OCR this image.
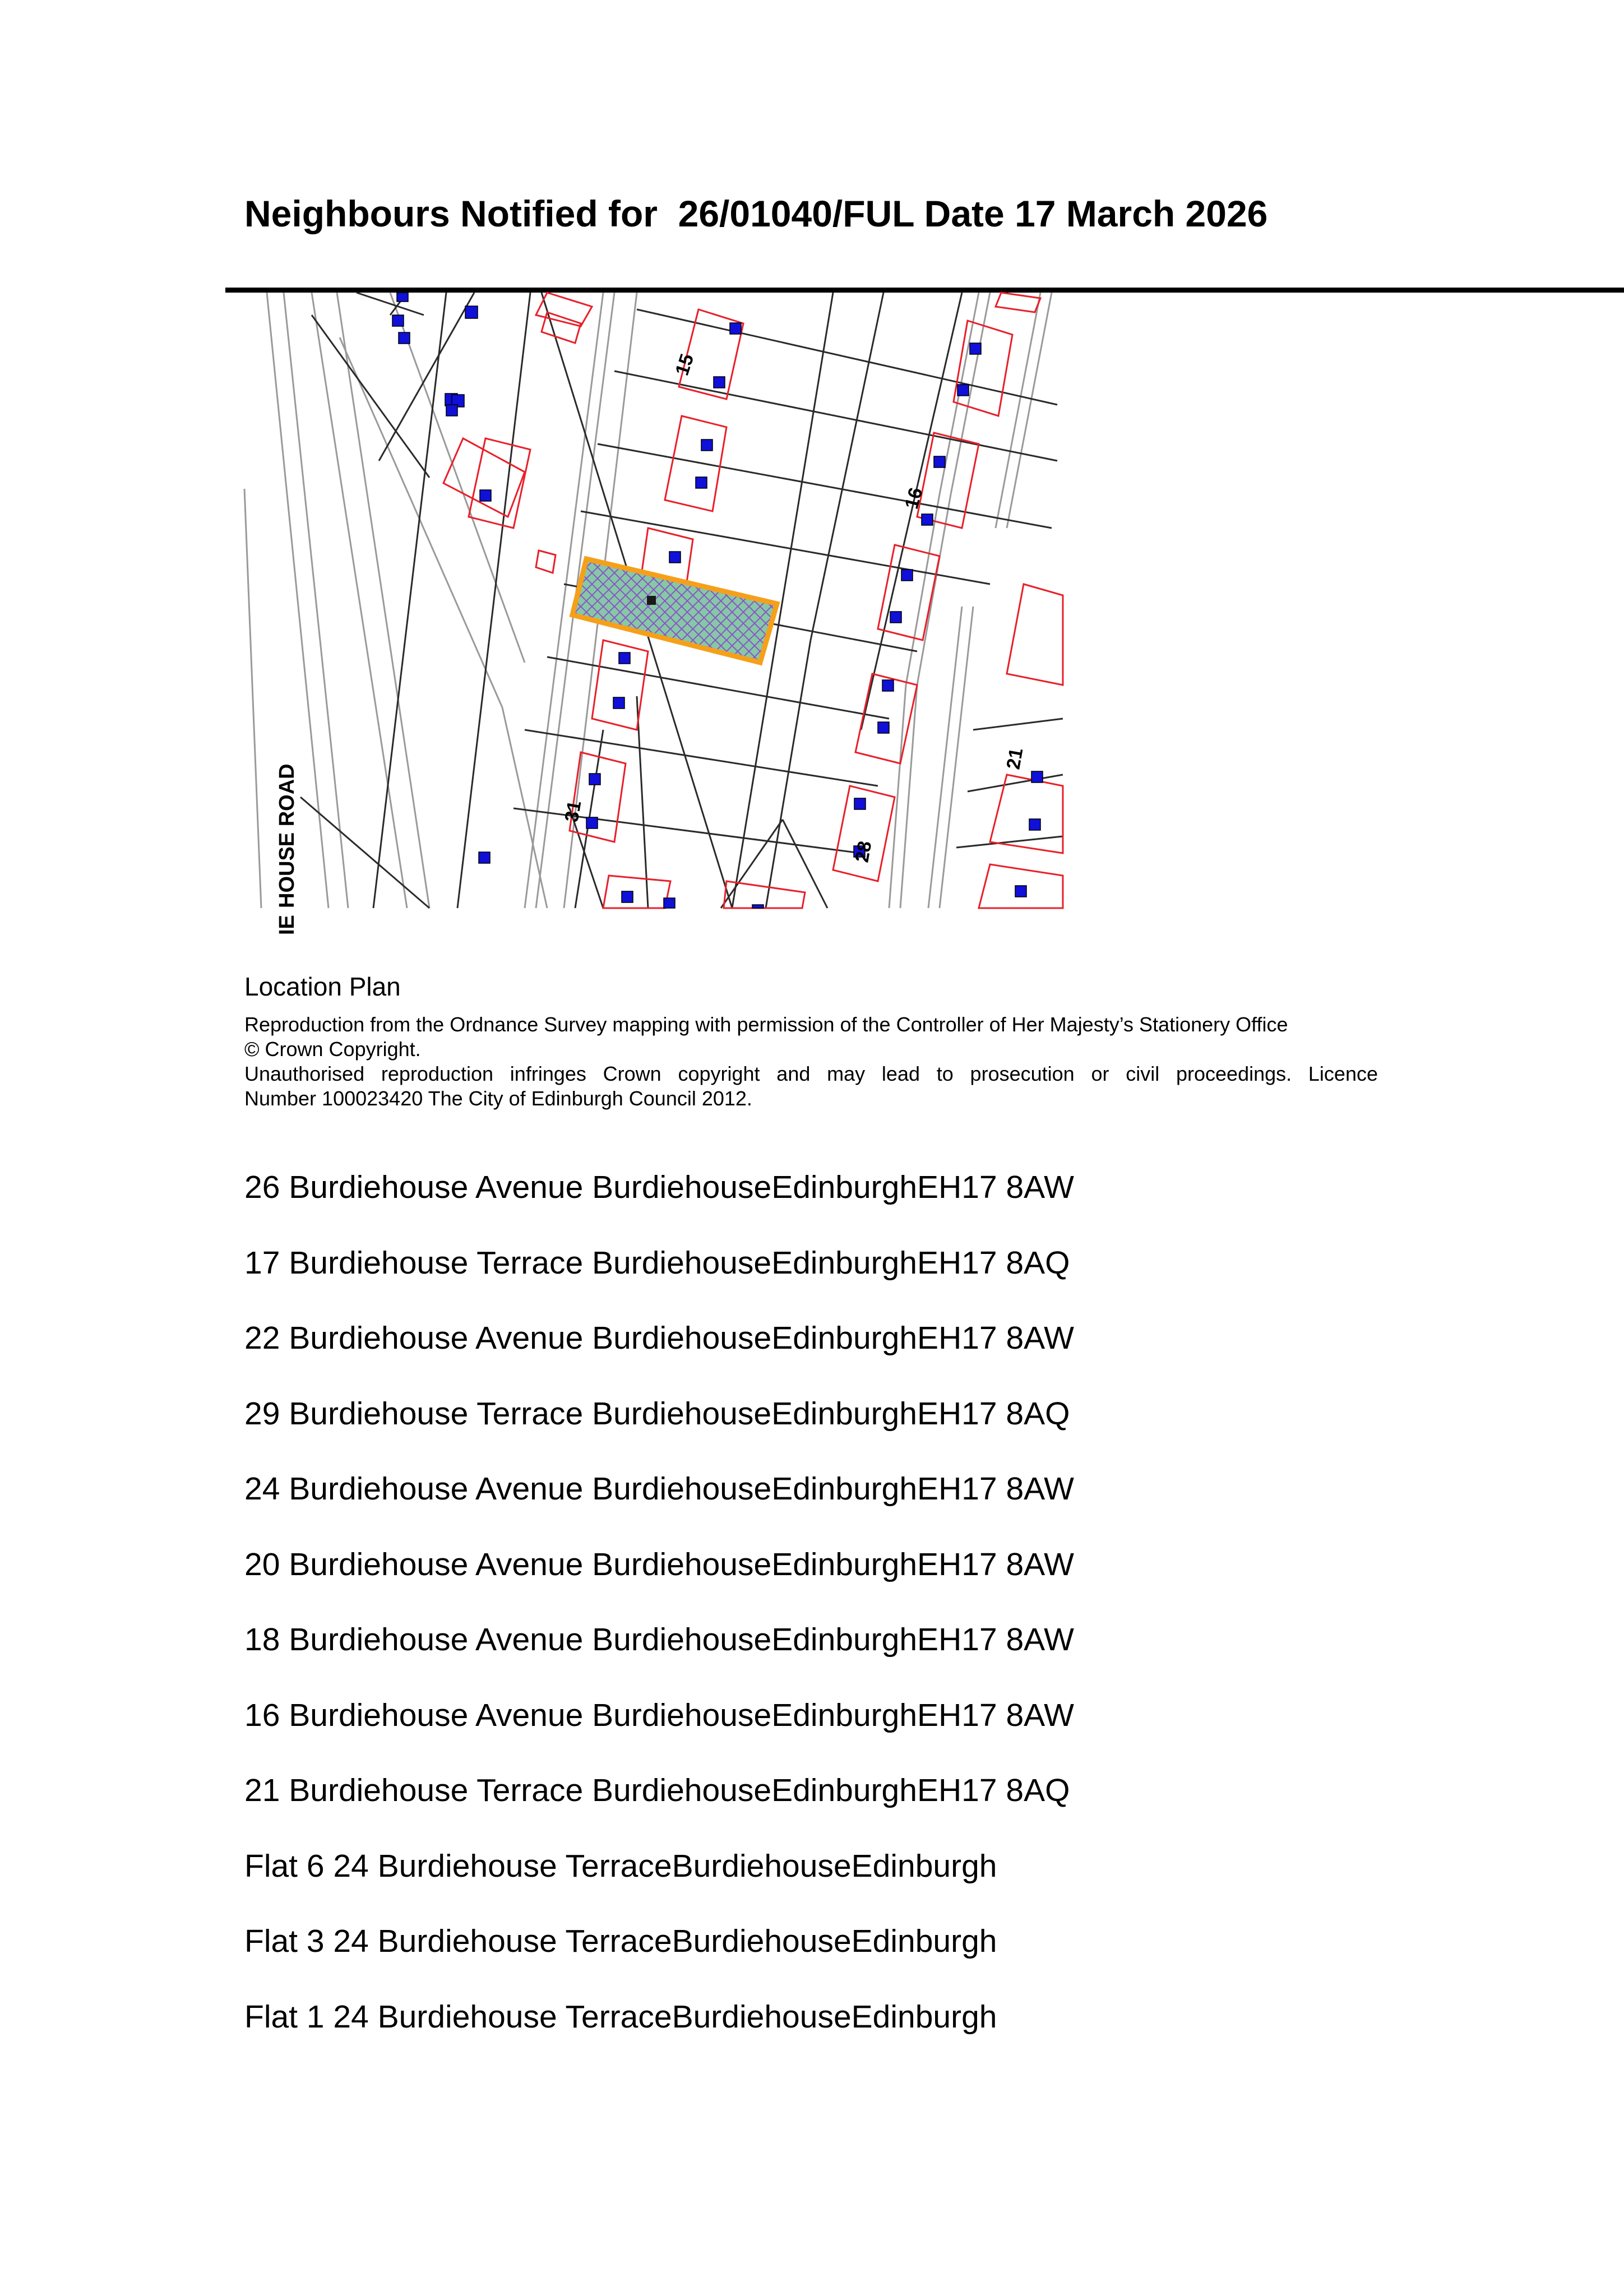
Neighbours Notified for  26/01040/FUL Date 17 March 2026
HOUSE ROAD
IE
15
16
21
28
31
Location Plan

Reproduction from the Ordnance Survey mapping with permission of the Controller of Her Majesty’s Stationery Office

© Crown Copyright.

Unauthorised reproduction infringes Crown copyright and may lead to prosecution or civil proceedings. Licence

Number 100023420 The City of Edinburgh Council 2012.

26 Burdiehouse Avenue BurdiehouseEdinburghEH17 8AW
17 Burdiehouse Terrace BurdiehouseEdinburghEH17 8AQ
22 Burdiehouse Avenue BurdiehouseEdinburghEH17 8AW
29 Burdiehouse Terrace BurdiehouseEdinburghEH17 8AQ
24 Burdiehouse Avenue BurdiehouseEdinburghEH17 8AW
20 Burdiehouse Avenue BurdiehouseEdinburghEH17 8AW
18 Burdiehouse Avenue BurdiehouseEdinburghEH17 8AW
16 Burdiehouse Avenue BurdiehouseEdinburghEH17 8AW
21 Burdiehouse Terrace BurdiehouseEdinburghEH17 8AQ
Flat 6 24 Burdiehouse TerraceBurdiehouseEdinburgh
Flat 3 24 Burdiehouse TerraceBurdiehouseEdinburgh
Flat 1 24 Burdiehouse TerraceBurdiehouseEdinburgh
